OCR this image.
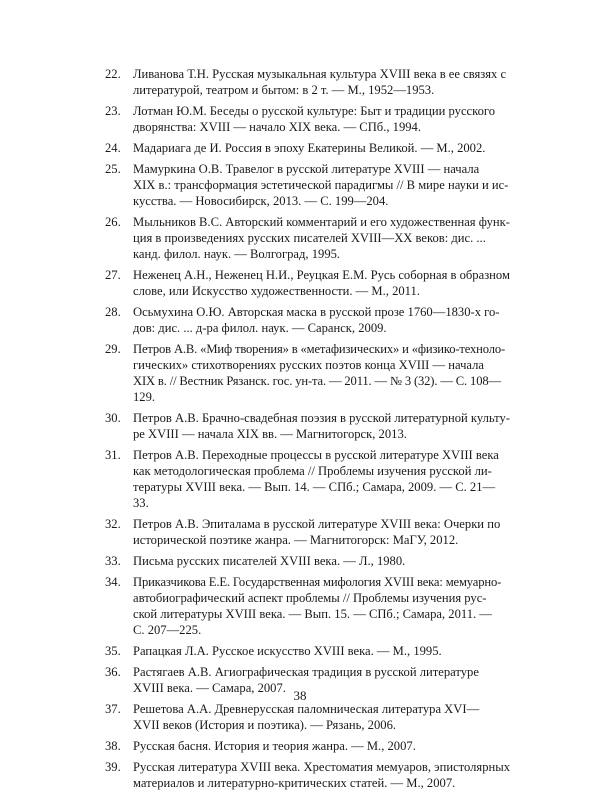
22. Ливанова Т.Н. Русская музыкальная культура XVIII века в ее связях с
литературой, театром и бытом: в 2 т. — М., 1952—1953.
23. Лотман Ю.М. Беседы о русской культуре: Быт и традиции русского
дворянства: XVIII — начало XIX века. — СПб., 1994.
24. Мадариага де И. Россия в эпоху Екатерины Великой. — М., 2002.
25. Мамуркина О.В. Травелог в русской литературе XVIII — начала
XIX в.: трансформация эстетической парадигмы // В мире науки и ис-
кусства. — Новосибирск, 2013. — С. 199—204.
26. Мыльников В.С. Авторский комментарий и его художественная функ-
ция в произведениях русских писателей XVIII—XX веков: дис. ...
канд. филол. наук. — Волгоград, 1995.
27. Неженец А.Н., Неженец Н.И., Реуцкая Е.М. Русь соборная в образном
слове, или Искусство художественности. — М., 2011.
28. Осьмухина О.Ю. Авторская маска в русской прозе 1760—1830-х го-
дов: дис. ... д-ра филол. наук. — Саранск, 2009.
29. Петров А.В. «Миф творения» в «метафизических» и «физико-техноло-
гических» стихотворениях русских поэтов конца XVIII — начала
XIX в. // Вестник Рязанск. гос. ун-та. — 2011. — № 3 (32). — С. 108—
129.
30. Петров А.В. Брачно-свадебная поэзия в русской литературной культу-
ре XVIII — начала XIX вв. — Магнитогорск, 2013.
31. Петров А.В. Переходные процессы в русской литературе XVIII века
как методологическая проблема // Проблемы изучения русской ли-
тературы XVIII века. — Вып. 14. — СПб.; Самара, 2009. — С. 21—
33.
32. Петров А.В. Эпиталама в русской литературе XVIII века: Очерки по
исторической поэтике жанра. — Магнитогорск: МаГУ, 2012.
33. Письма русских писателей XVIII века. — Л., 1980.
34. Приказчикова Е.Е. Государственная мифология XVIII века: мемуарно-
автобиографический аспект проблемы // Проблемы изучения рус-
ской литературы XVIII века. — Вып. 15. — СПб.; Самара, 2011. —
С. 207—225.
35. Рапацкая Л.А. Русское искусство XVIII века. — М., 1995.
36. Растягаев А.В. Агиографическая традиция в русской литературе
XVIII века. — Самара, 2007.
37. Решетова А.А. Древнерусская паломническая литература XVI—
XVII веков (История и поэтика). — Рязань, 2006.
38. Русская басня. История и теория жанра. — М., 2007.
39. Русская литература XVIII века. Хрестоматия мемуаров, эпистолярных
материалов и литературно-критических статей. — М., 2007.
38
